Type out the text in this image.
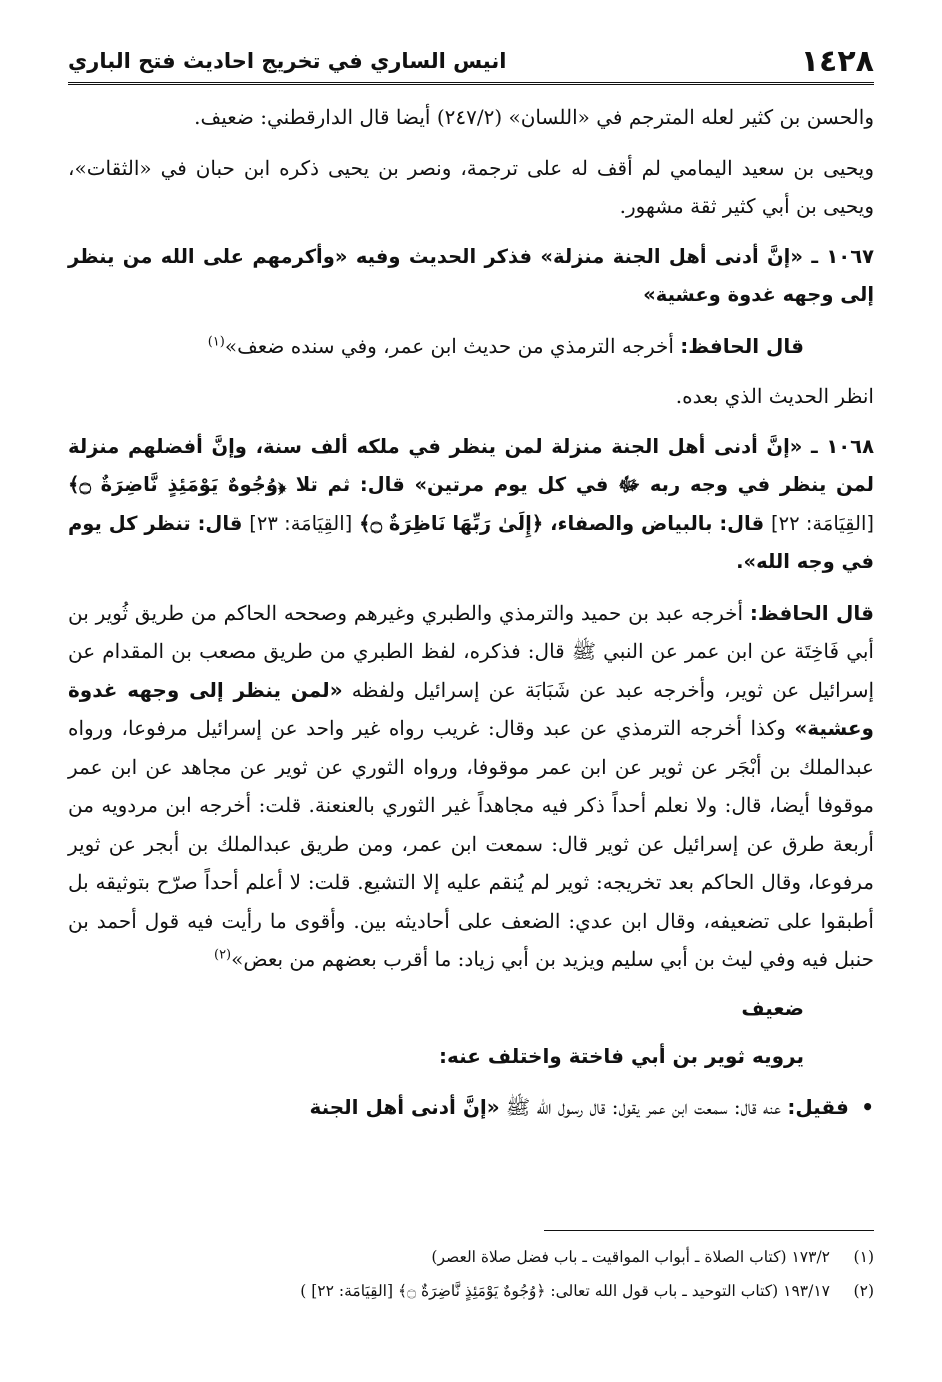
١٤٢٨
انيس الساري في تخريج احاديث فتح الباري

والحسن بن كثير لعله المترجم في «اللسان» (٢٤٧/٢) أيضا قال الدارقطني: ضعيف.

ويحيى بن سعيد اليمامي لم أقف له على ترجمة، ونصر بن يحيى ذكره ابن حبان في «الثقات»، ويحيى بن أبي كثير ثقة مشهور.

١٠٦٧ ـ «إنَّ أدنى أهل الجنة منزلة» فذكر الحديث وفيه «وأكرمهم على الله من ينظر إلى وجهه غدوة وعشية»

قال الحافظ: أخرجه الترمذي من حديث ابن عمر، وفي سنده ضعف»$^{(١)}$

انظر الحديث الذي بعده.

١٠٦٨ ـ «إنَّ أدنى أهل الجنة منزلة لمن ينظر في ملكه ألف سنة، وإنَّ أفضلهم منزلة لمن ينظر في وجه ربه ﷻ في كل يوم مرتين» قال: ثم تلا ﴿وُجُوهٌ يَوْمَئِذٍ نَّاضِرَةٌ ۝﴾ [القِيَامَة: ٢٢] قال: بالبياض والصفاء، ﴿إِلَىٰ رَبِّهَا نَاظِرَةٌ ۝﴾ [القِيَامَة: ٢٣] قال: تنظر كل يوم في وجه الله».

قال الحافظ: أخرجه عبد بن حميد والترمذي والطبري وغيرهم وصححه الحاكم من طريق ثُوير بن أبي فَاخِتَة عن ابن عمر عن النبي ﷺ قال: فذكره، لفظ الطبري من طريق مصعب بن المقدام عن إسرائيل عن ثوير، وأخرجه عبد عن شَبَابَة عن إسرائيل ولفظه «لمن ينظر إلى وجهه غدوة وعشية» وكذا أخرجه الترمذي عن عبد وقال: غريب رواه غير واحد عن إسرائيل مرفوعا، ورواه عبدالملك بن أبْجَر عن ثوير عن ابن عمر موقوفا، ورواه الثوري عن ثوير عن مجاهد عن ابن عمر موقوفا أيضا، قال: ولا نعلم أحداً ذكر فيه مجاهداً غير الثوري بالعنعنة. قلت: أخرجه ابن مردويه من أربعة طرق عن إسرائيل عن ثوير قال: سمعت ابن عمر، ومن طريق عبدالملك بن أبجر عن ثوير مرفوعا، وقال الحاكم بعد تخريجه: ثوير لم يُنقم عليه إلا التشيع. قلت: لا أعلم أحداً صرّح بتوثيقه بل أطبقوا على تضعيفه، وقال ابن عدي: الضعف على أحاديثه بين. وأقوى ما رأيت فيه قول أحمد بن حنبل فيه وفي ليث بن أبي سليم ويزيد بن أبي زياد: ما أقرب بعضهم من بعض»$^{(٢)}$

ضعيف

يرويه ثوير بن أبي فاختة واختلف عنه:

• فقيل: عنه قال: سمعت ابن عمر يقول: قال رسول الله ﷺ «إنَّ أدنى أهل الجنة

(١)
١٧٣/٢ (كتاب الصلاة ـ أبواب المواقيت ـ باب فضل صلاة العصر)
(٢)
١٩٣/١٧ (كتاب التوحيد ـ باب قول الله تعالى: ﴿وُجُوهٌ يَوْمَئِذٍ نَّاضِرَةٌ ۝﴾ [القِيَامَة: ٢٢] )
